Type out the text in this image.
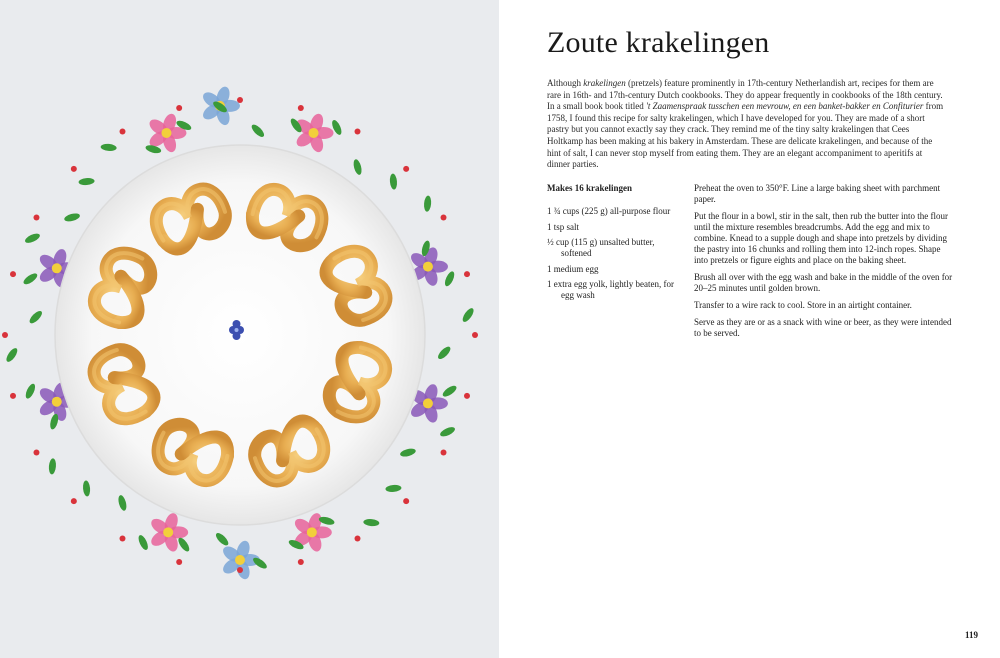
Zoute krakelingen

Although krakelingen (pretzels) feature prominently in 17th-century Netherlandish art, recipes for them are rare in 16th- and 17th-century Dutch cookbooks. They do appear frequently in cookbooks of the 18th century. In a small book book titled 't Zaamenspraak tusschen een mevrouw, en een banket-bakker en Confiturier from 1758, I found this recipe for salty krakelingen, which I have developed for you. They are made of a short pastry but you cannot exactly say they crack. They remind me of the tiny salty krakelingen that Cees Holtkamp has been making at his bakery in Amsterdam. These are delicate krakelingen, and because of the hint of salt, I can never stop myself from eating them. They are an elegant accompaniment to aperitifs at dinner parties.

Makes 16 krakelingen

1 ¾ cups (225 g) all-purpose flour
1 tsp salt
½ cup (115 g) unsalted butter, softened
1 medium egg
1 extra egg yolk, lightly beaten, for egg wash

Preheat the oven to 350°F. Line a large baking sheet with parchment paper.

Put the flour in a bowl, stir in the salt, then rub the butter into the flour until the mixture resembles breadcrumbs. Add the egg and mix to combine. Knead to a supple dough and shape into pretzels by dividing the pastry into 16 chunks and rolling them into 12-inch ropes. Shape into pretzels or figure eights and place on the baking sheet.

Brush all over with the egg wash and bake in the middle of the oven for 20–25 minutes until golden brown.

Transfer to a wire rack to cool. Store in an airtight container.

Serve as they are or as a snack with wine or beer, as they were intended to be served.

119
